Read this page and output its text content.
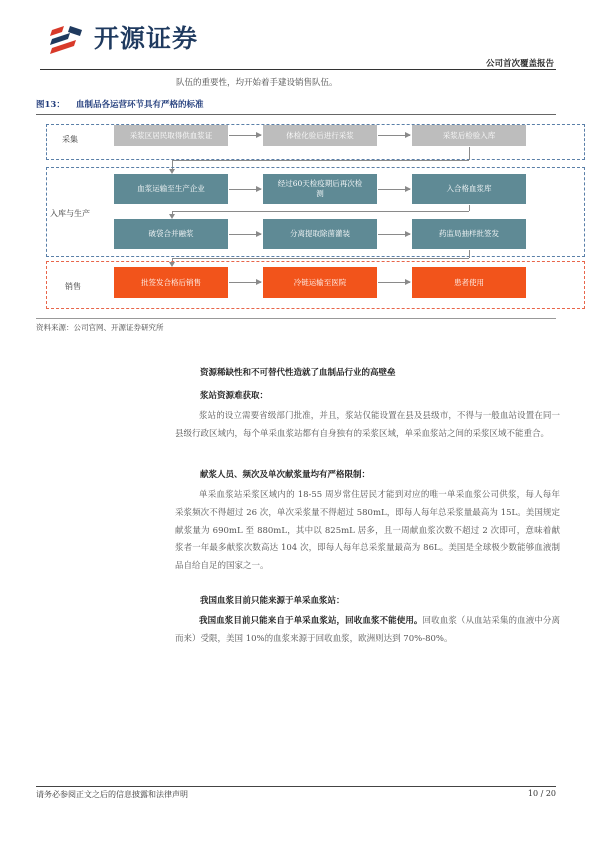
开源证券
公司首次覆盖报告
队伍的重要性，均开始着手建设销售队伍。
图13： 血制品各运营环节具有严格的标准
采集	采浆区居民取得供血浆证	体检化验后进行采浆	采浆后检验入库
入库与生产
血浆运输至生产企业
经过60天检疫期后再次检测
入合格血浆库
破袋合并融浆	分离提取除菌灌装	药监局抽样批签发
销售	批签发合格后销售	冷链运输至医院	患者使用
资料来源：公司官网、开源证券研究所
资源稀缺性和不可替代性造就了血制品行业的高壁垒
浆站资源难获取：
浆站的设立需要省级部门批准，并且，浆站仅能设置在县及县级市，不得与一般血站设置在同一县级行政区域内，每个单采血浆站都有自身独有的采浆区域，单采血浆站之间的采浆区域不能重合。
献浆人员、频次及单次献浆量均有严格限制：
单采血浆站采浆区域内的 18-55 周岁常住居民才能到对应的唯一单采血浆公司供浆，每人每年采浆频次不得超过 26 次，单次采浆量不得超过 580mL，即每人每年总采浆量最高为 15L。美国规定献浆量为 690mL 至 880mL，其中以 825mL 居多，且一周献血浆次数不超过 2 次即可，意味着献浆者一年最多献浆次数高达 104 次，即每人每年总采浆量最高为 86L。美国是全球极少数能够血液制品自给自足的国家之一。
我国血浆目前只能来源于单采血浆站：
我国血浆目前只能来自于单采血浆站，回收血浆不能使用。回收血浆（从血站采集的血液中分离而来）受限，美国 10%的血浆来源于回收血浆，欧洲则达到 70%-80%。
请务必参阅正文之后的信息披露和法律声明	10 / 20
